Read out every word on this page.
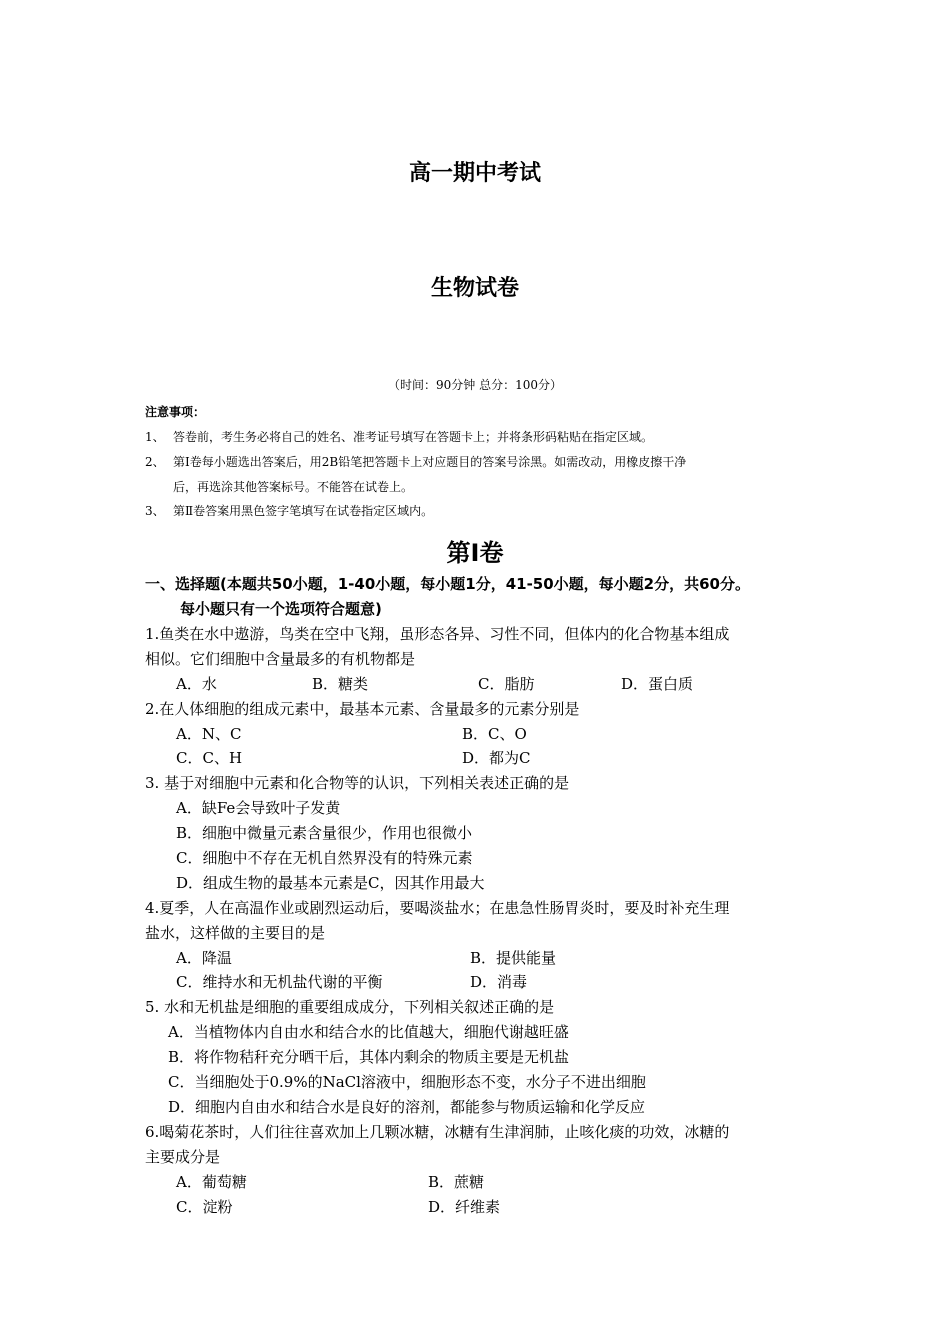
高一期中考试
生物试卷
（时间：90分钟 总分：100分）
注意事项：
1、 答卷前，考生务必将自己的姓名、准考证号填写在答题卡上；并将条形码粘贴在指定区域。
2、 第Ⅰ卷每小题选出答案后，用2B铅笔把答题卡上对应题目的答案号涂黑。如需改动，用橡皮擦干净
后，再选涂其他答案标号。不能答在试卷上。
3、 第Ⅱ卷答案用黑色签字笔填写在试卷指定区域内。
第Ⅰ卷
一、选择题(本题共50小题，1-40小题，每小题1分，41-50小题，每小题2分，共60分。
每小题只有一个选项符合题意)
1.鱼类在水中遨游，鸟类在空中飞翔，虽形态各异、习性不同，但体内的化合物基本组成
相似。它们细胞中含量最多的有机物都是
A．水	B．糖类	C．脂肪	D．蛋白质
2.在人体细胞的组成元素中，最基本元素、含量最多的元素分别是
A．N、C	B．C、O
C．C、H	D．都为C
3. 基于对细胞中元素和化合物等的认识，下列相关表述正确的是
A．缺Fe会导致叶子发黄
B．细胞中微量元素含量很少，作用也很微小
C．细胞中不存在无机自然界没有的特殊元素
D．组成生物的最基本元素是C，因其作用最大
4.夏季，人在高温作业或剧烈运动后，要喝淡盐水；在患急性肠胃炎时，要及时补充生理
盐水，这样做的主要目的是
A．降温	B．提供能量
C．维持水和无机盐代谢的平衡	D．消毒
5. 水和无机盐是细胞的重要组成成分，下列相关叙述正确的是
A．当植物体内自由水和结合水的比值越大，细胞代谢越旺盛
B．将作物秸秆充分晒干后，其体内剩余的物质主要是无机盐
C．当细胞处于0.9%的NaCl溶液中，细胞形态不变，水分子不进出细胞
D．细胞内自由水和结合水是良好的溶剂，都能参与物质运输和化学反应
6.喝菊花茶时，人们往往喜欢加上几颗冰糖，冰糖有生津润肺，止咳化痰的功效，冰糖的
主要成分是
A．葡萄糖	B．蔗糖
C．淀粉	D．纤维素
